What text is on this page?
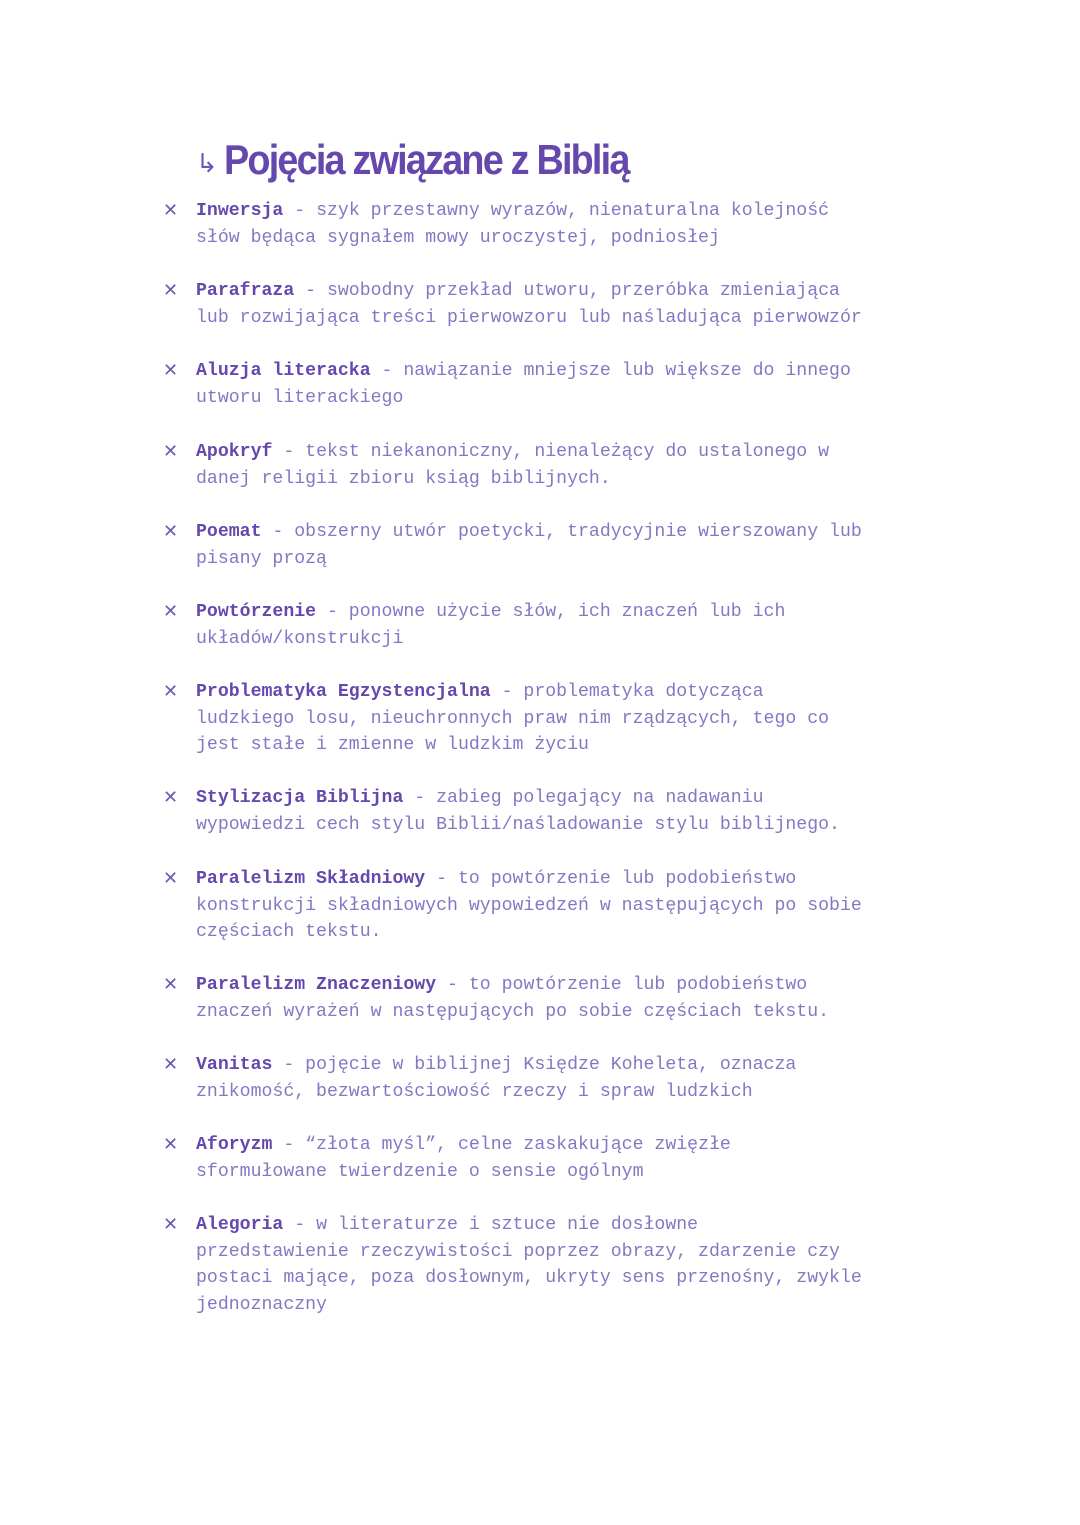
↳ Pojęcia związane z Biblią
✕ Inwersja - szyk przestawny wyrazów, nienaturalna kolejność
słów będąca sygnałem mowy uroczystej, podniosłej
✕ Parafraza - swobodny przekład utworu, przeróbka zmieniająca
lub rozwijająca treści pierwowzoru lub naśladująca pierwowzór
✕ Aluzja literacka - nawiązanie mniejsze lub większe do innego
utworu literackiego
✕ Apokryf - tekst niekanoniczny, nienależący do ustalonego w
danej religii zbioru ksiąg biblijnych.
✕ Poemat - obszerny utwór poetycki, tradycyjnie wierszowany lub
pisany prozą
✕ Powtórzenie - ponowne użycie słów, ich znaczeń lub ich
układów/konstrukcji
✕ Problematyka Egzystencjalna - problematyka dotycząca
ludzkiego losu, nieuchronnych praw nim rządzących, tego co
jest stałe i zmienne w ludzkim życiu
✕ Stylizacja Biblijna - zabieg polegający na nadawaniu
wypowiedzi cech stylu Biblii/naśladowanie stylu biblijnego.
✕ Paralelizm Składniowy - to powtórzenie lub podobieństwo
konstrukcji składniowych wypowiedzeń w następujących po sobie
częściach tekstu.
✕ Paralelizm Znaczeniowy - to powtórzenie lub podobieństwo
znaczeń wyrażeń w następujących po sobie częściach tekstu.
✕ Vanitas - pojęcie w biblijnej Księdze Koheleta, oznacza
znikomość, bezwartościowość rzeczy i spraw ludzkich
✕ Aforyzm - “złota myśl”, celne zaskakujące zwięzłe
sformułowane twierdzenie o sensie ogólnym
✕ Alegoria - w literaturze i sztuce nie dosłowne
przedstawienie rzeczywistości poprzez obrazy, zdarzenie czy
postaci mające, poza dosłownym, ukryty sens przenośny, zwykle
jednoznaczny
